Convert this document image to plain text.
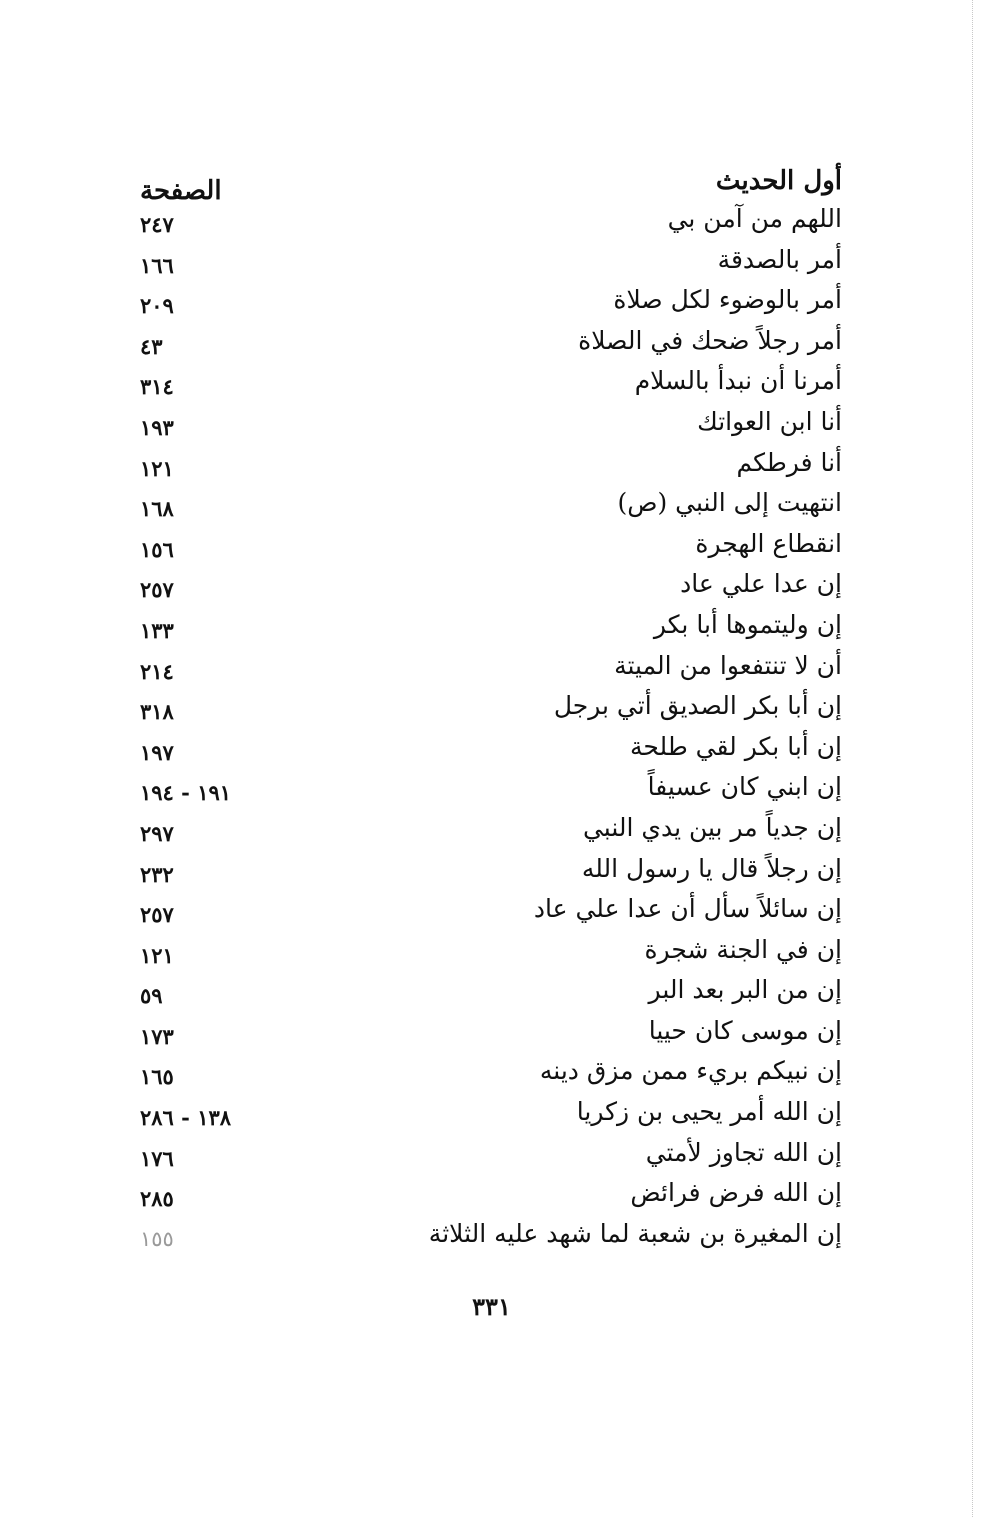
أول الحديث
الصفحة
اللهم من آمن بي
٢٤٧
أمر بالصدقة
١٦٦
أمر بالوضوء لكل صلاة
٢٠٩
أمر رجلاً ضحك في الصلاة
٤٣
أمرنا أن نبدأ بالسلام
٣١٤
أنا ابن العواتك
١٩٣
أنا فرطكم
١٢١
انتهيت إلى النبي (ص)
١٦٨
انقطاع الهجرة
١٥٦
إن عدا علي عاد
٢٥٧
إن وليتموها أبا بكر
١٣٣
أن لا تنتفعوا من الميتة
٢١٤
إن أبا بكر الصديق أتي برجل
٣١٨
إن أبا بكر لقي طلحة
١٩٧
إن ابني كان عسيفاً
١٩١ - ١٩٤
إن جدياً مر بين يدي النبي
٢٩٧
إن رجلاً قال يا رسول الله
٢٣٢
إن سائلاً سأل أن عدا علي عاد
٢٥٧
إن في الجنة شجرة
١٢١
إن من البر بعد البر
٥٩
إن موسى كان حييا
١٧٣
إن نبيكم بريء ممن مزق دينه
١٦٥
إن الله أمر يحيى بن زكريا
١٣٨ - ٢٨٦
إن الله تجاوز لأمتي
١٧٦
إن الله فرض فرائض
٢٨٥
إن المغيرة بن شعبة لما شهد عليه الثلاثة
١٥٥
٣٣١
